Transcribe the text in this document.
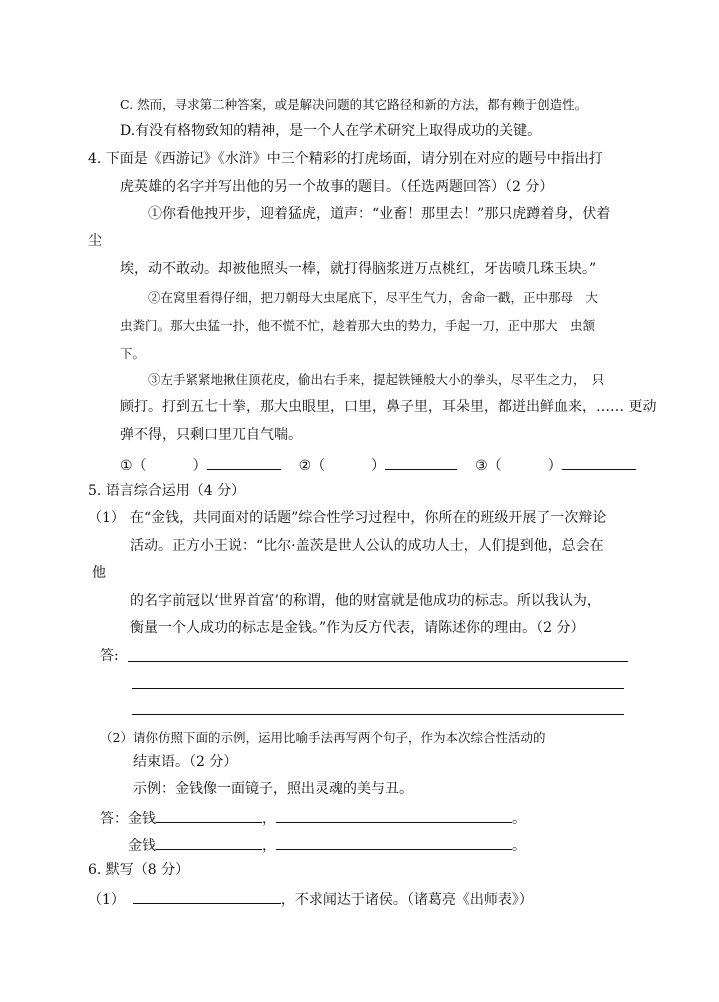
C. 然而，寻求第二种答案，或是解决问题的其它路径和新的方法，都有赖于创造性。
D.有没有格物致知的精神，是一个人在学术研究上取得成功的关键。
4. 下面是《西游记》《水浒》中三个精彩的打虎场面，请分别在对应的题号中指出打
虎英雄的名字并写出他的另一个故事的题目。（任选两题回答）（2 分）
①你看他拽开步，迎着猛虎，道声：“业畜！那里去！”那只虎蹲着身，伏着
尘
埃，动不敢动。却被他照头一棒，就打得脑浆迸万点桃红，牙齿喷几珠玉块。”
②在窝里看得仔细，把刀朝母大虫尾底下，尽平生气力，舍命一戳，正中那母　大
虫粪门。那大虫猛一扑，他不慌不忙，趁着那大虫的势力，手起一刀，正中那大　虫颔
下。
③左手紧紧地揪住顶花皮，偷出右手来，提起铁锤般大小的拳头，尽平生之力，　只
顾打。打到五七十拳，那大虫眼里，口里，鼻子里，耳朵里，都迸出鲜血来，…… 更动
弹不得，只剩口里兀自气喘。
①（	）	②（	）	③（	）
5. 语言综合运用（4 分）
（1） 在“金钱，共同面对的话题”综合性学习过程中，你所在的班级开展了一次辩论
活动。正方小王说：“比尔·盖茨是世人公认的成功人士，人们提到他，总会在
他
的名字前冠以‘世界首富’的称谓，他的财富就是他成功的标志。所以我认为，
衡量一个人成功的标志是金钱。”作为反方代表，请陈述你的理由。（2 分）
答:
（2） 请你仿照下面的示例，运用比喻手法再写两个句子，作为本次综合性活动的
结束语。（2 分）
示例：金钱像一面镜子，照出灵魂的美与丑。
答：金钱	，	。
金钱	，	。
6. 默写（8 分）
（1）	，不求闻达于诸侯。（诸葛亮《出师表》）
